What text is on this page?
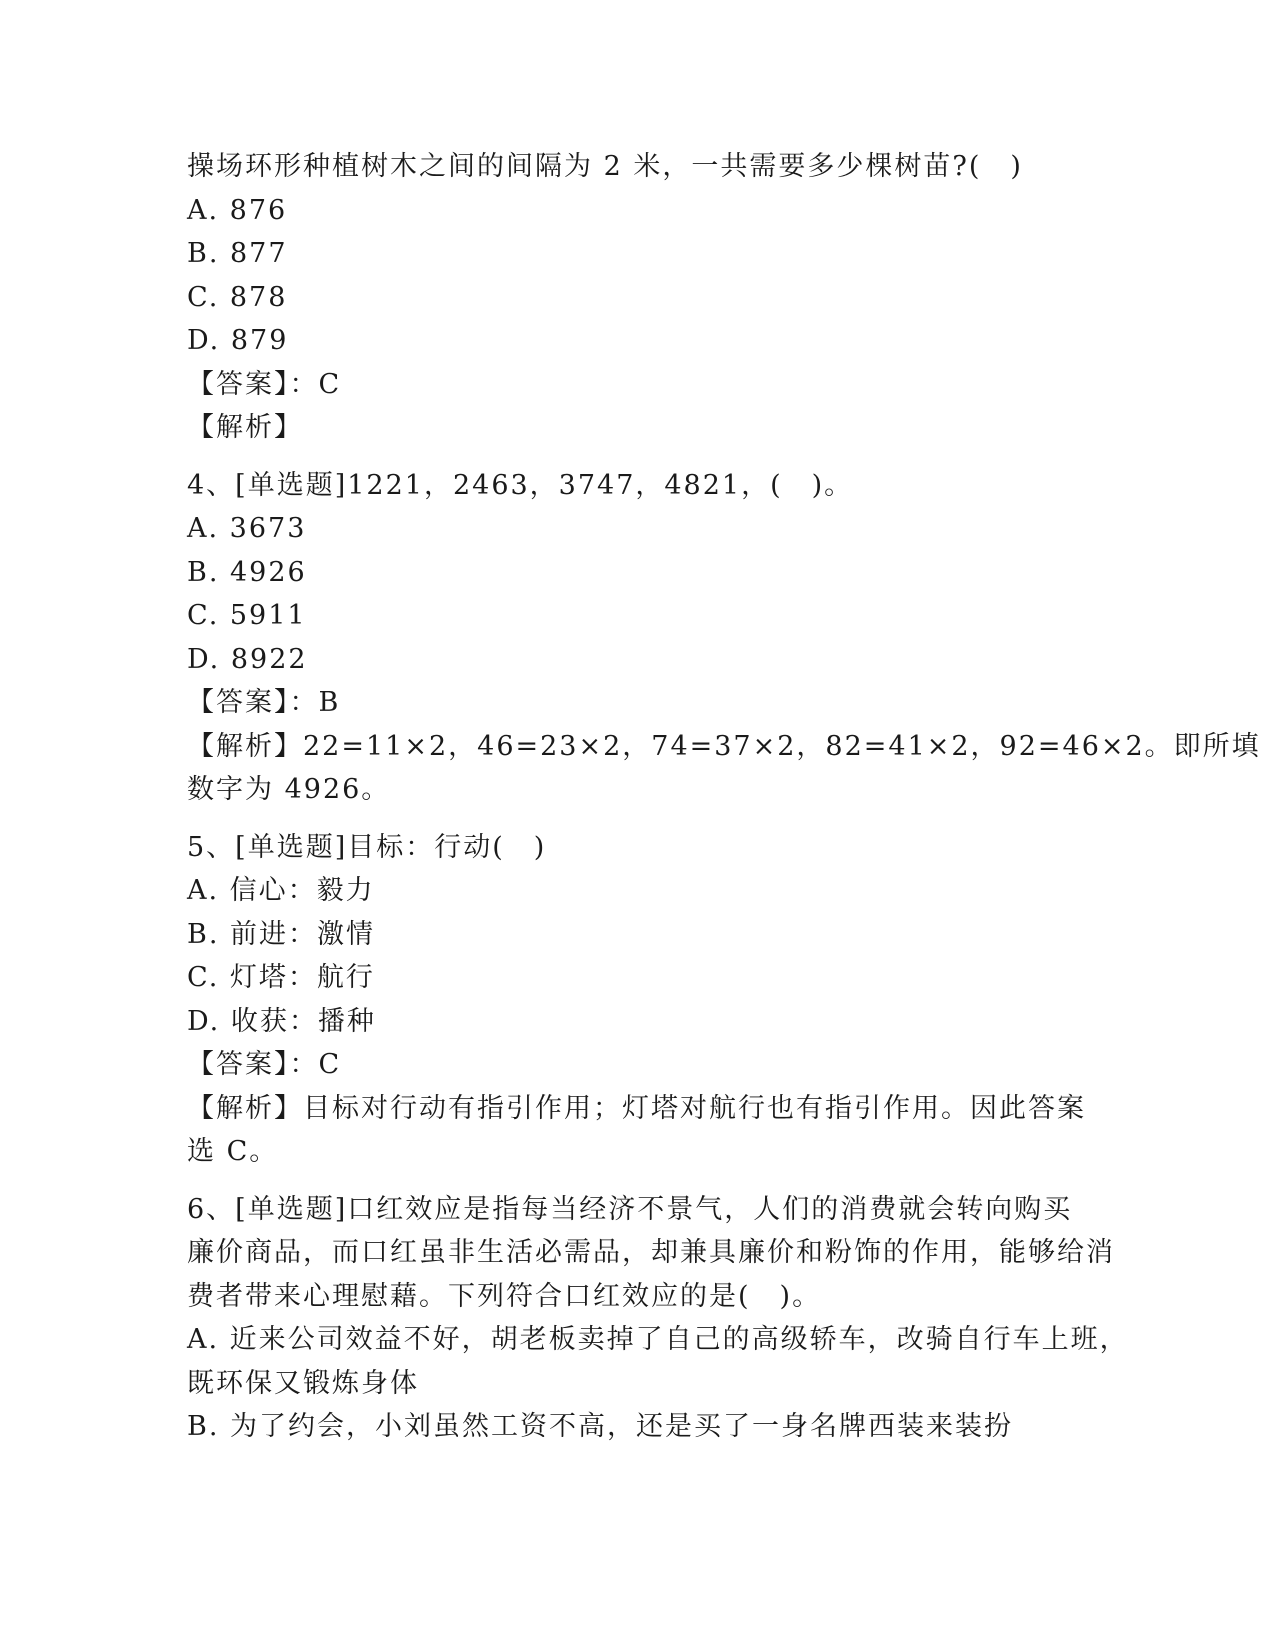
操场环形种植树木之间的间隔为 2 米，一共需要多少棵树苗?(　)
A. 876
B. 877
C. 878
D. 879
【答案】：C
【解析】
4、[单选题]1221，2463，3747，4821，(　)。
A. 3673
B. 4926
C. 5911
D. 8922
【答案】：B
【解析】22=11×2，46=23×2，74=37×2，82=41×2，92=46×2。即所填
数字为 4926。
5、[单选题]目标：行动(　)
A. 信心：毅力
B. 前进：激情
C. 灯塔：航行
D. 收获：播种
【答案】：C
【解析】目标对行动有指引作用；灯塔对航行也有指引作用。因此答案
选 C。
6、[单选题]口红效应是指每当经济不景气，人们的消费就会转向购买
廉价商品，而口红虽非生活必需品，却兼具廉价和粉饰的作用，能够给消
费者带来心理慰藉。下列符合口红效应的是(　)。
A. 近来公司效益不好，胡老板卖掉了自己的高级轿车，改骑自行车上班，
既环保又锻炼身体
B. 为了约会，小刘虽然工资不高，还是买了一身名牌西装来装扮
